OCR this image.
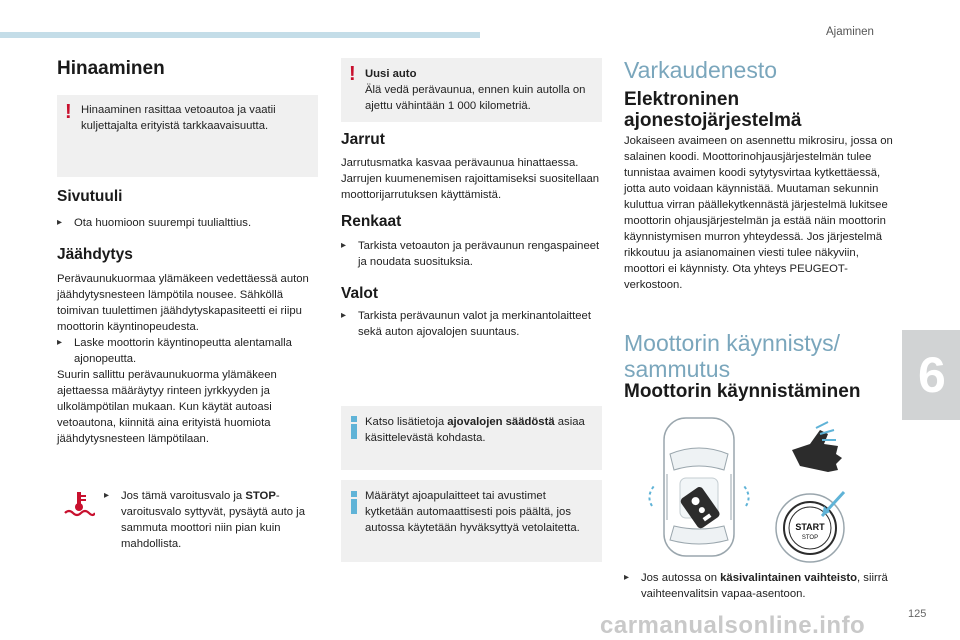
Ajaminen
6
Hinaaminen
! Hinaaminen rasittaa vetoautoa ja vaatii kuljettajalta erityistä tarkkaavaisuutta.
Sivutuuli
▸	Ota huomioon suurempi tuulialttius.
Jäähdytys
Perävaunukuormaa ylämäkeen vedettäessä auton jäähdytysnesteen lämpötila nousee. Sähköllä toimivan tuulettimen jäähdytyskapasiteetti ei riipu moottorin käyntinopeudesta.
▸	Laske moottorin käyntinopeutta alentamalla ajonopeutta.
Suurin sallittu perävaunukuorma ylämäkeen ajettaessa määräytyy rinteen jyrkkyyden ja ulkolämpötilan mukaan. Kun käytät autoasi vetoautona, kiinnitä aina erityistä huomiota jäähdytysnesteen lämpötilaan.
▸	Jos tämä varoitusvalo ja STOP-varoitusvalo syttyvät, pysäytä auto ja sammuta moottori niin pian kuin mahdollista.
! Uusi auto
Älä vedä perävaunua, ennen kuin autolla on ajettu vähintään 1 000 kilometriä.
Jarrut
Jarrutusmatka kasvaa perävaunua hinattaessa. Jarrujen kuumenemisen rajoittamiseksi suositellaan moottorijarrutuksen käyttämistä.
Renkaat
▸	Tarkista vetoauton ja perävaunun rengaspaineet ja noudata suosituksia.
Valot
▸	Tarkista perävaunun valot ja merkinantolaitteet sekä auton ajovalojen suuntaus.
Katso lisätietoja ajovalojen säädöstä asiaa käsittelevästä kohdasta.
Määrätyt ajoapulaitteet tai avustimet kytketään automaattisesti pois päältä, jos autossa käytetään hyväksyttyä vetolaitetta.
Varkaudenesto
Elektroninen ajonestojärjestelmä
Jokaiseen avaimeen on asennettu mikrosiru, jossa on salainen koodi. Moottorinohjausjärjestelmän tulee tunnistaa avaimen koodi sytytysvirtaa kytkettäessä, jotta auto voidaan käynnistää. Muutaman sekunnin kuluttua virran päällekytkennästä järjestelmä lukitsee moottorin ohjausjärjestelmän ja estää näin moottorin käynnistymisen murron yhteydessä. Jos järjestelmä rikkoutuu ja asianomainen viesti tulee näkyviin, moottori ei käynnisty. Ota yhteys PEUGEOT-verkostoon.
Moottorin käynnistys/ sammutus
Moottorin käynnistäminen
START
STOP
▸	Jos autossa on käsivalintainen vaihteisto, siirrä vaihteenvalitsin vapaa-asentoon.
carmanualsonline.info	125
